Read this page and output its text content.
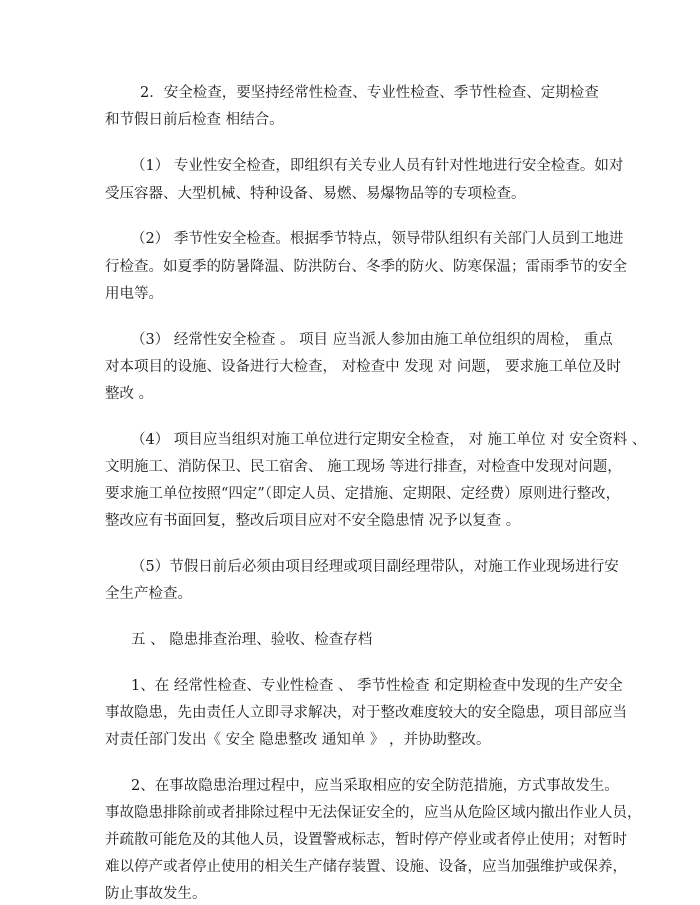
2．安全检查，要坚持经常性检查、专业性检查、季节性检查、定期检查
和节假日前后检查 相结合。
（1） 专业性安全检查，即组织有关专业人员有针对性地进行安全检查。如对
受压容器、大型机械、特种设备、易燃、易爆物品等的专项检查。
（2） 季节性安全检查。根据季节特点，领导带队组织有关部门人员到工地进
行检查。如夏季的防暑降温、防洪防台、冬季的防火、防寒保温；雷雨季节的安全
用电等。
（3） 经常性安全检查 。 项目 应当派人参加由施工单位组织的周检， 重点
对本项目的设施、设备进行大检查， 对检查中 发现 对 问题， 要求施工单位及时
整改 。
（4） 项目应当组织对施工单位进行定期安全检查， 对 施工单位 对 安全资料 、
文明施工、消防保卫、民工宿舍、 施工现场 等进行排查，对检查中发现对问题，
要求施工单位按照“四定”（即定人员、定措施、定期限、定经费）原则进行整改，
整改应有书面回复，整改后项目应对不安全隐患情 况予以复查 。
（5）节假日前后必须由项目经理或项目副经理带队，对施工作业现场进行安
全生产检查。
五 、 隐患排查治理、验收、检查存档
1、在 经常性检查、专业性检查 、 季节性检查 和定期检查中发现的生产安全
事故隐患，先由责任人立即寻求解决，对于整改难度较大的安全隐患，项目部应当
对责任部门发出《 安全 隐患整改 通知单 》 ，并协助整改。
2、在事故隐患治理过程中，应当采取相应的安全防范措施，方式事故发生。
事故隐患排除前或者排除过程中无法保证安全的，应当从危险区域内撤出作业人员，
并疏散可能危及的其他人员，设置警戒标志，暂时停产停业或者停止使用；对暂时
难以停产或者停止使用的相关生产储存装置、设施、设备，应当加强维护或保养，
防止事故发生。
